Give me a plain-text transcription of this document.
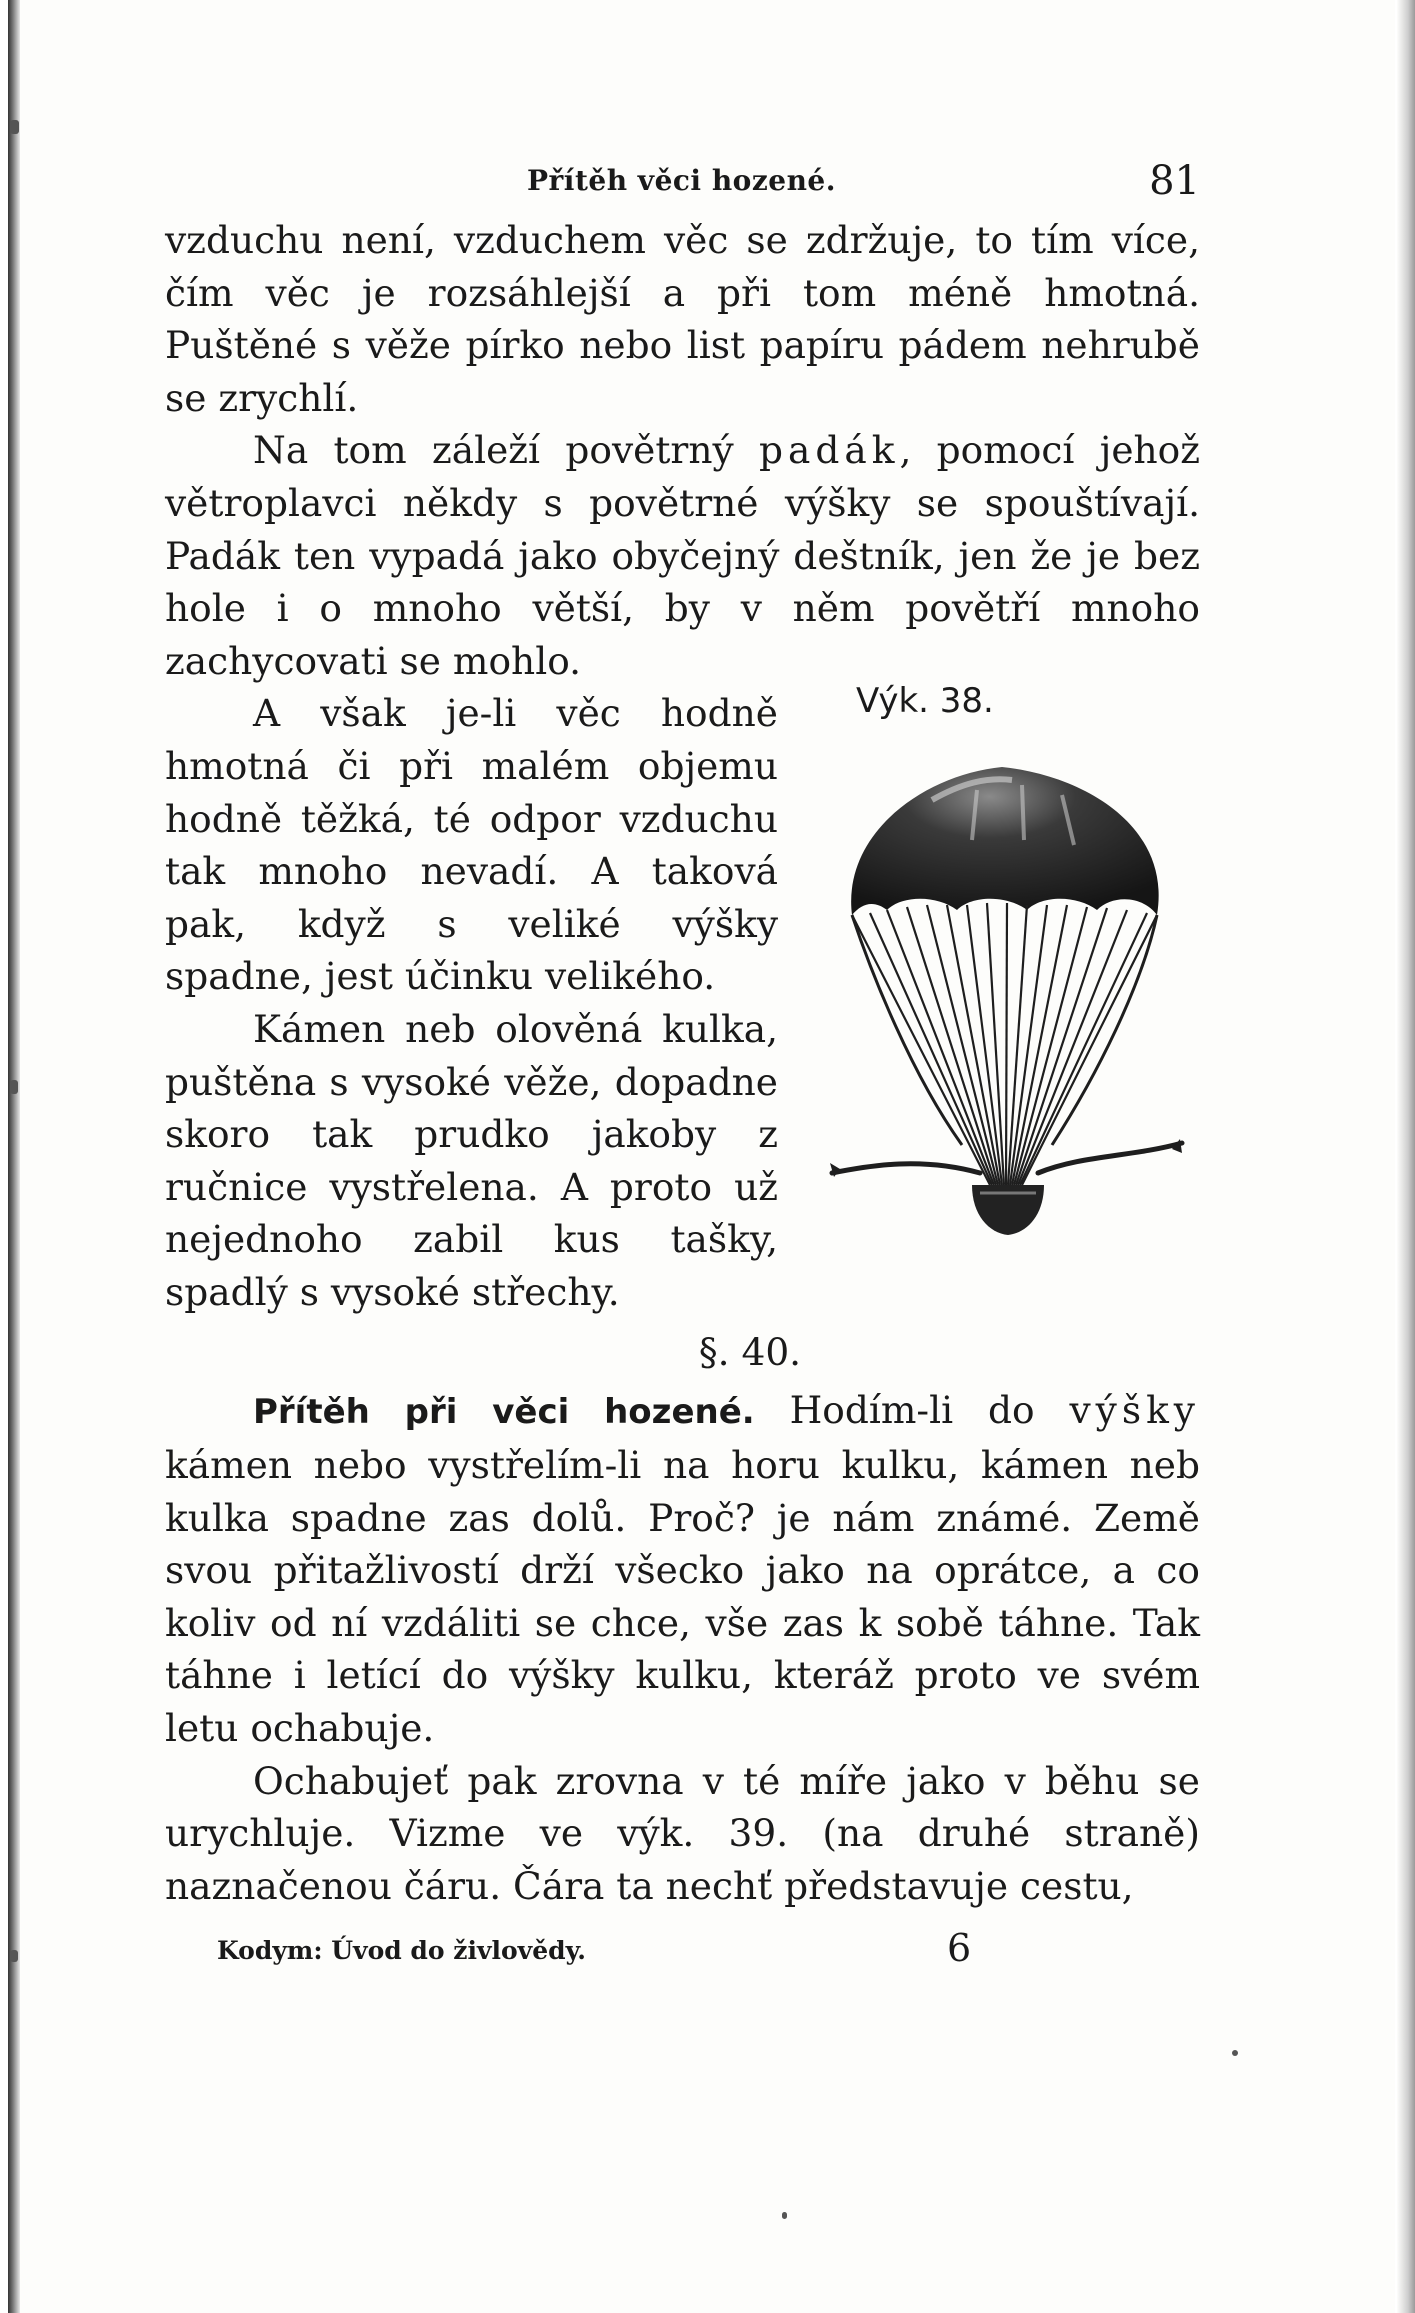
Přítěh věci hozené.	81

vzduchu není, vzduchem věc se zdržuje, to tím více, čím věc je rozsáhlejší a při tom méně hmotná. Puštěné s věže pírko nebo list papíru pádem nehrubě se zrychlí.

Na tom záleží povětrný padák, pomocí jehož větroplavci někdy s povětrné výšky se spouštívají. Padák ten vypadá jako obyčejný deštník, jen že je bez hole i o mnoho větší, by v něm povětří mnoho zachycovati se mohlo.

Výk. 38.

A však je-li věc hodně hmotná či při malém objemu hodně těžká, té odpor vzduchu tak mnoho nevadí. A taková pak, když s veliké výšky spadne, jest účinku velikého.

Kámen neb olověná kulka, puštěna s vysoké věže, dopadne skoro tak prudko jakoby z ručnice vystřelena. A proto už nejednoho zabil kus tašky, spadlý s vysoké střechy.

§. 40.

Přítěh při věci hozené. Hodím-li do výšky kámen nebo vystřelím-li na horu kulku, kámen neb kulka spadne zas dolů. Proč? je nám známé. Země svou přitažlivostí drží všecko jako na oprátce, a co koliv od ní vzdáliti se chce, vše zas k sobě táhne. Tak táhne i letící do výšky kulku, kteráž proto ve svém letu ochabuje.

Ochabujeť pak zrovna v té míře jako v běhu se urychluje. Vizme ve výk. 39. (na druhé straně) naznačenou čáru. Čára ta nechť představuje cestu,

Kodym: Úvod do živlovědy.	6
